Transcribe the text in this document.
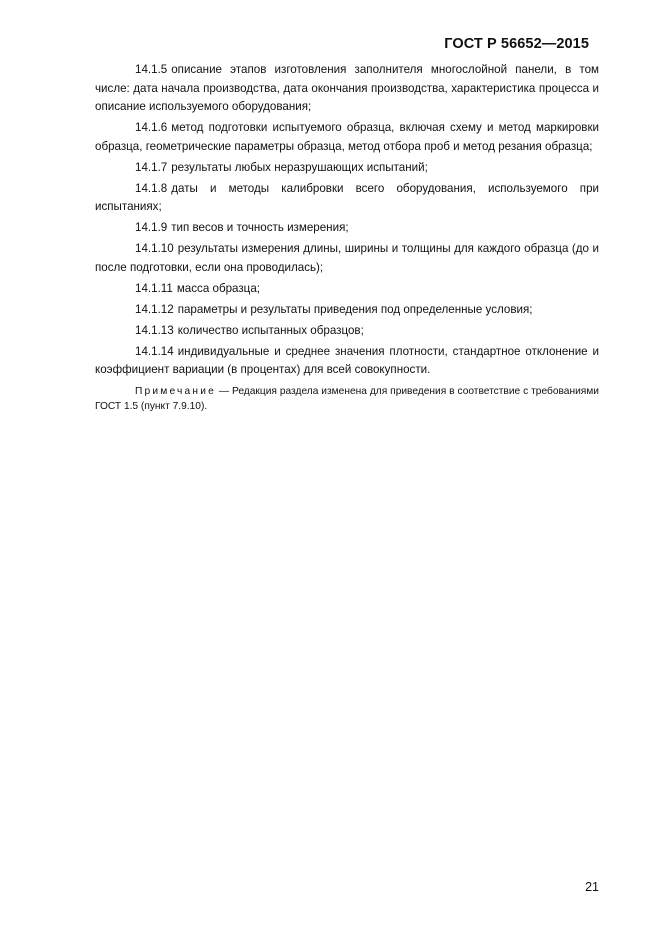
ГОСТ Р 56652—2015

14.1.5 описание этапов изготовления заполнителя многослойной панели, в том числе: дата начала производства, дата окончания производства, характеристика процесса и описание используемого оборудования;

14.1.6 метод подготовки испытуемого образца, включая схему и метод маркировки образца, геометрические параметры образца, метод отбора проб и метод резания образца;

14.1.7 результаты любых неразрушающих испытаний;

14.1.8 даты и методы калибровки всего оборудования, используемого при испытаниях;

14.1.9 тип весов и точность измерения;

14.1.10 результаты измерения длины, ширины и толщины для каждого образца (до и после подготовки, если она проводилась);

14.1.11 масса образца;

14.1.12 параметры и результаты приведения под определенные условия;

14.1.13 количество испытанных образцов;

14.1.14 индивидуальные и среднее значения плотности, стандартное отклонение и коэффициент вариации (в процентах) для всей совокупности.

Примечание — Редакция раздела изменена для приведения в соответствие с требованиями ГОСТ 1.5 (пункт 7.9.10).

21
